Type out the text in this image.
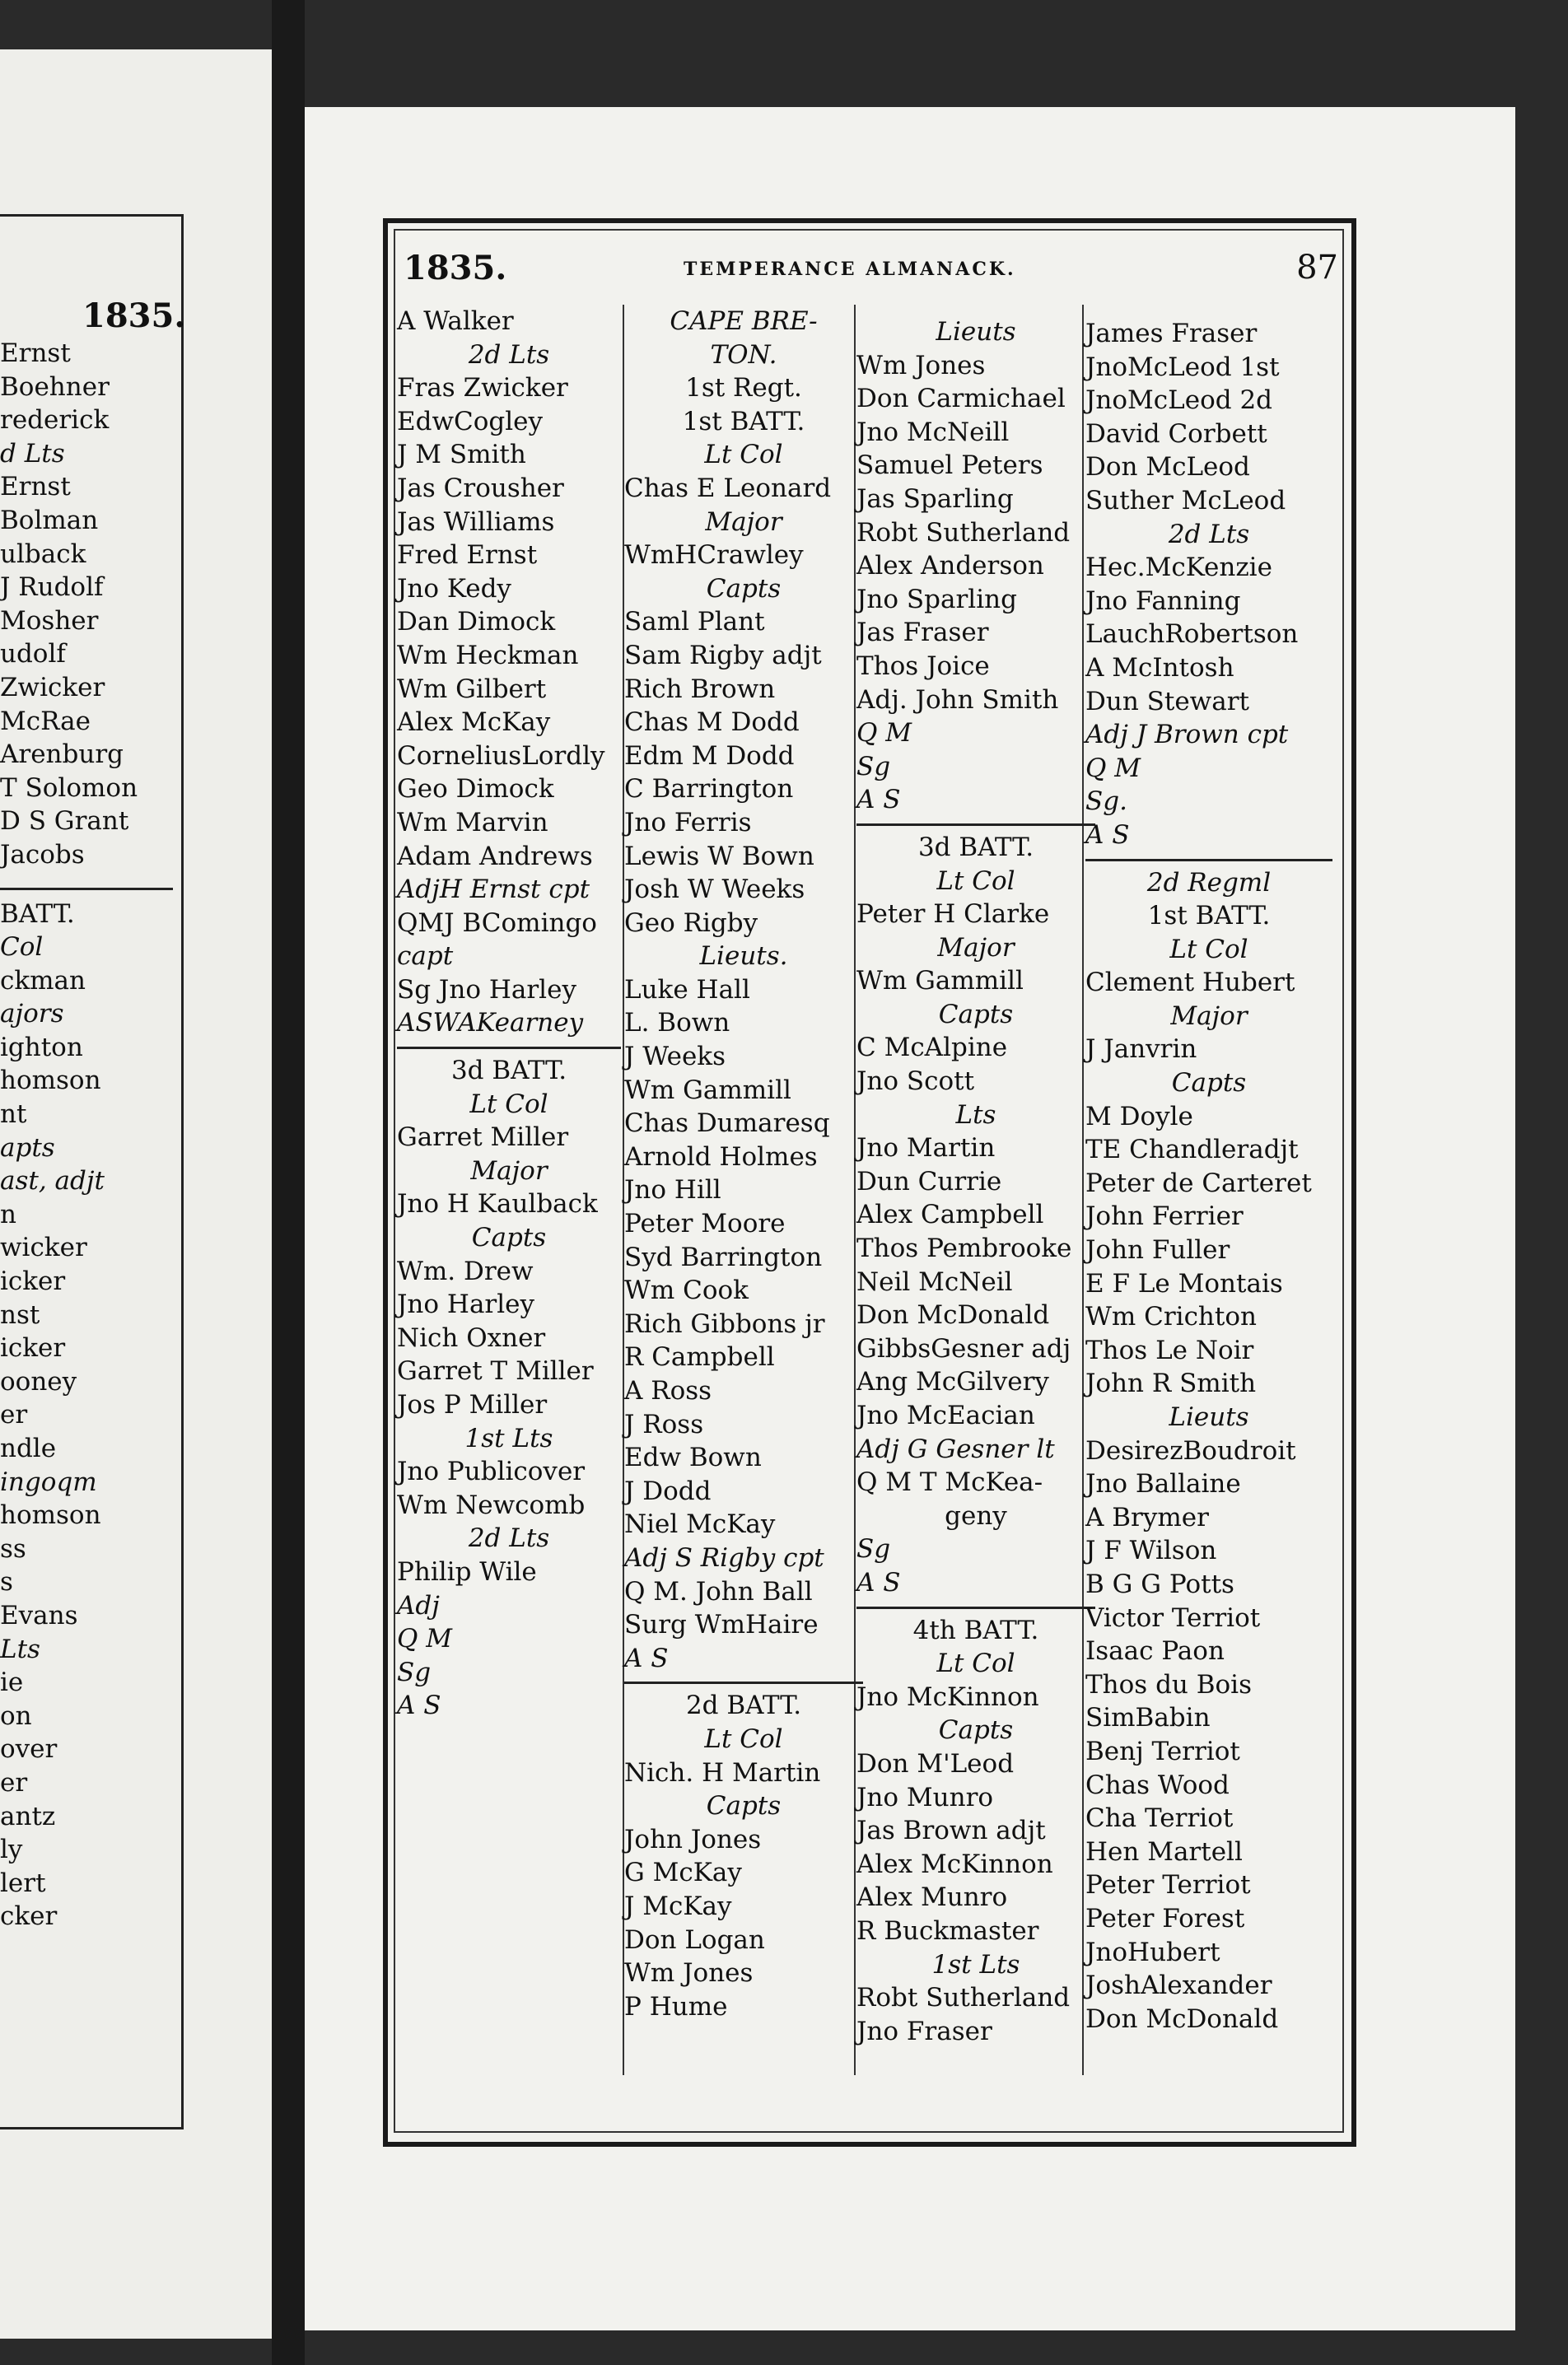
1835.
Ernst
Boehner
rederick
d Lts
Ernst
Bolman
ulback
J Rudolf
Mosher
udolf
Zwicker
McRae
Arenburg
T Solomon
D S Grant
Jacobs
BATT.
Col
ckman
ajors
ighton
homson
nt
apts
ast, adjt
n
wicker
icker
nst
icker
ooney
er
ndle
ingoqm
homson
ss
s
Evans
Lts
ie
on
over
er
antz
ly
lert
cker
1835.	TEMPERANCE ALMANACK.	87
A Walker
2d Lts
Fras Zwicker
EdwCogley
J M Smith
Jas Crousher
Jas Williams
Fred Ernst
Jno Kedy
Dan Dimock
Wm Heckman
Wm Gilbert
Alex McKay
CorneliusLordly
Geo Dimock
Wm Marvin
Adam Andrews
AdjH Ernst cpt
QMJ BComingo
capt
Sg Jno Harley
ASWAKearney
3d BATT.
Lt Col
Garret Miller
Major
Jno H Kaulback
Capts
Wm. Drew
Jno Harley
Nich Oxner
Garret T Miller
Jos P Miller
1st Lts
Jno Publicover
Wm Newcomb
2d Lts
Philip Wile
Adj
Q M
Sg
A S
CAPE BRE-
TON.
1st Regt.
1st BATT.
Lt Col
Chas E Leonard
Major
WmHCrawley
Capts
Saml Plant
Sam Rigby adjt
Rich Brown
Chas M Dodd
Edm M Dodd
C Barrington
Jno Ferris
Lewis W Bown
Josh W Weeks
Geo Rigby
Lieuts.
Luke Hall
L. Bown
J Weeks
Wm Gammill
Chas Dumaresq
Arnold Holmes
Jno Hill
Peter Moore
Syd Barrington
Wm Cook
Rich Gibbons jr
R Campbell
A Ross
J Ross
Edw Bown
J Dodd
Niel McKay
Adj S Rigby cpt
Q M. John Ball
Surg WmHaire
A S
2d BATT.
Lt Col
Nich. H Martin
Capts
John Jones
G McKay
J McKay
Don Logan
Wm Jones
P Hume
Lieuts
Wm Jones
Don Carmichael
Jno McNeill
Samuel Peters
Jas Sparling
Robt Sutherland
Alex Anderson
Jno Sparling
Jas Fraser
Thos Joice
Adj. John Smith
Q M
Sg
A S
3d BATT.
Lt Col
Peter H Clarke
Major
Wm Gammill
Capts
C McAlpine
Jno Scott
Lts
Jno Martin
Dun Currie
Alex Campbell
Thos Pembrooke
Neil McNeil
Don McDonald
GibbsGesner adj
Ang McGilvery
Jno McEacian
Adj G Gesner lt
Q M T McKea-
geny
Sg
A S
4th BATT.
Lt Col
Jno McKinnon
Capts
Don M'Leod
Jno Munro
Jas Brown adjt
Alex McKinnon
Alex Munro
R Buckmaster
1st Lts
Robt Sutherland
Jno Fraser
James Fraser
JnoMcLeod 1st
JnoMcLeod 2d
David Corbett
Don McLeod
Suther McLeod
2d Lts
Hec.McKenzie
Jno Fanning
LauchRobertson
A McIntosh
Dun Stewart
Adj J Brown cpt
Q M
Sg.
A S
2d Regml
1st BATT.
Lt Col
Clement Hubert
Major
J Janvrin
Capts
M Doyle
TE Chandleradjt
Peter de Carteret
John Ferrier
John Fuller
E F Le Montais
Wm Crichton
Thos Le Noir
John R Smith
Lieuts
DesirezBoudroit
Jno Ballaine
A Brymer
J F Wilson
B G G Potts
Victor Terriot
Isaac Paon
Thos du Bois
SimBabin
Benj Terriot
Chas Wood
Cha Terriot
Hen Martell
Peter Terriot
Peter Forest
JnoHubert
JoshAlexander
Don McDonald
